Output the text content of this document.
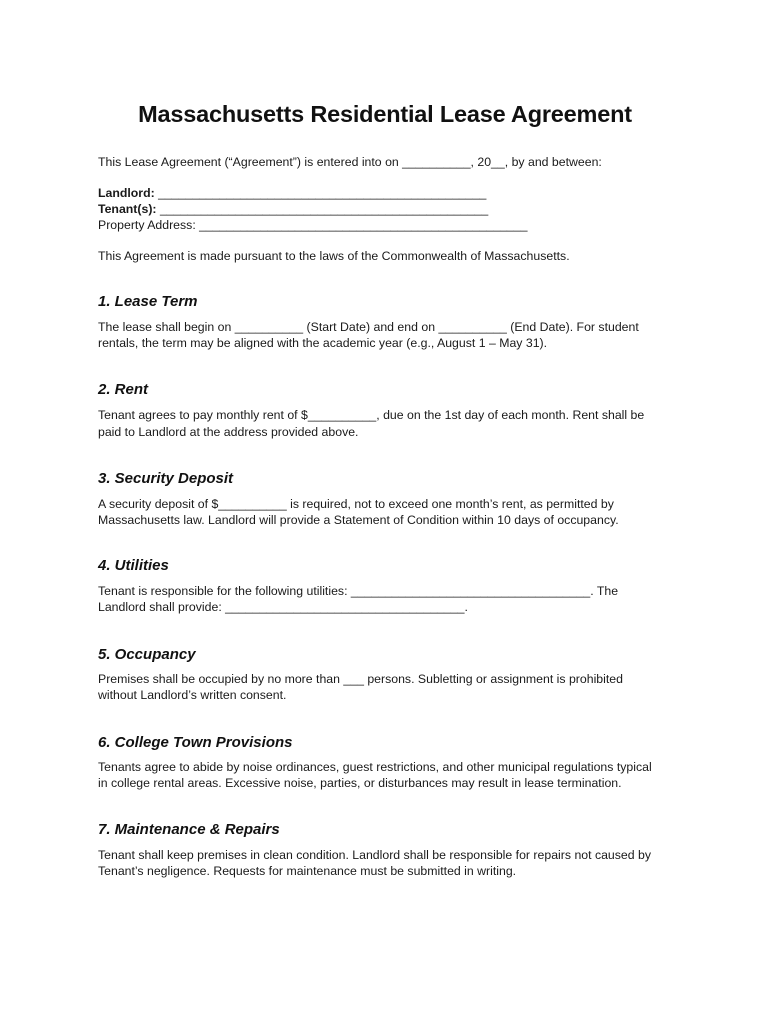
Massachusetts Residential Lease Agreement
This Lease Agreement (“Agreement”) is entered into on __________, 20__, by and between:
Landlord: ________________________________________________
Tenant(s): ________________________________________________
Property Address: ________________________________________________
This Agreement is made pursuant to the laws of the Commonwealth of Massachusetts.
1. Lease Term
The lease shall begin on __________ (Start Date) and end on __________ (End Date). For student
rentals, the term may be aligned with the academic year (e.g., August 1 – May 31).
2. Rent
Tenant agrees to pay monthly rent of $__________, due on the 1st day of each month. Rent shall be
paid to Landlord at the address provided above.
3. Security Deposit
A security deposit of $__________ is required, not to exceed one month’s rent, as permitted by
Massachusetts law. Landlord will provide a Statement of Condition within 10 days of occupancy.
4. Utilities
Tenant is responsible for the following utilities: ___________________________________. The
Landlord shall provide: ___________________________________.
5. Occupancy
Premises shall be occupied by no more than ___ persons. Subletting or assignment is prohibited
without Landlord’s written consent.
6. College Town Provisions
Tenants agree to abide by noise ordinances, guest restrictions, and other municipal regulations typical
in college rental areas. Excessive noise, parties, or disturbances may result in lease termination.
7. Maintenance & Repairs
Tenant shall keep premises in clean condition. Landlord shall be responsible for repairs not caused by
Tenant’s negligence. Requests for maintenance must be submitted in writing.
